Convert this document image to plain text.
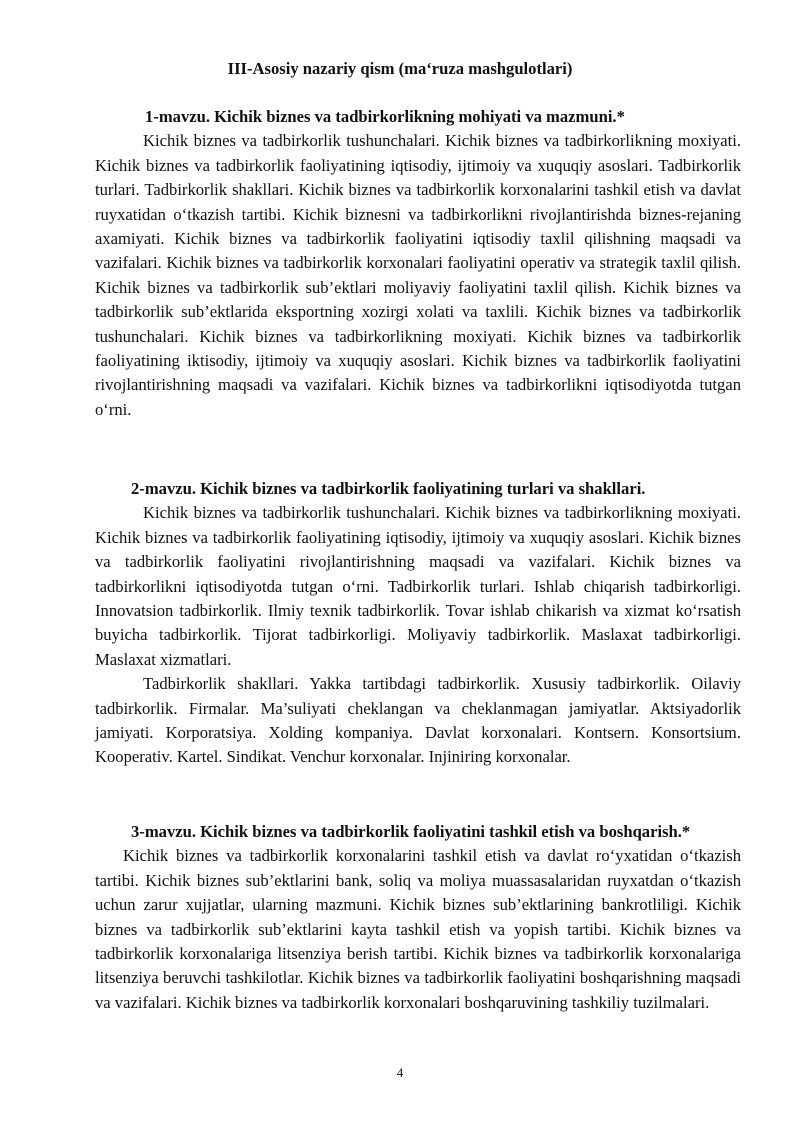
III-Asosiy nazariy qism (ma‘ruza mashgulotlari)

1-mavzu. Kichik biznes va tadbirkorlikning mohiyati va mazmuni.*

Kichik biznes va tadbirkorlik tushunchalari. Kichik biznes va tadbirkorlikning moxiyati. Kichik biznes va tadbirkorlik faoliyatining iqtisodiy, ijtimoiy va xuquqiy asoslari. Tadbirkorlik turlari. Tadbirkorlik shakllari. Kichik biznes va tadbirkorlik korxonalarini tashkil etish va davlat ruyxatidan o‘tkazish tartibi. Kichik biznesni va tadbirkorlikni rivojlantirishda biznes-rejaning axamiyati. Kichik biznes va tadbirkorlik faoliyatini iqtisodiy taxlil qilishning maqsadi va vazifalari. Kichik biznes va tadbirkorlik korxonalari faoliyatini operativ va strategik taxlil qilish. Kichik biznes va tadbirkorlik sub’ektlari moliyaviy faoliyatini taxlil qilish. Kichik biznes va tadbirkorlik sub’ektlarida eksportning xozirgi xolati va taxlili. Kichik biznes va tadbirkorlik tushunchalari. Kichik biznes va tadbirkorlikning moxiyati. Kichik biznes va tadbirkorlik faoliyatining iktisodiy, ijtimoiy va xuquqiy asoslari. Kichik biznes va tadbirkorlik faoliyatini rivojlantirishning maqsadi va vazifalari. Kichik biznes va tadbirkorlikni iqtisodiyotda tutgan o‘rni.

2-mavzu. Kichik biznes va tadbirkorlik faoliyatining turlari va shakllari.

Kichik biznes va tadbirkorlik tushunchalari. Kichik biznes va tadbirkorlikning moxiyati. Kichik biznes va tadbirkorlik faoliyatining iqtisodiy, ijtimoiy va xuquqiy asoslari. Kichik biznes va tadbirkorlik faoliyatini rivojlantirishning maqsadi va vazifalari. Kichik biznes va tadbirkorlikni iqtisodiyotda tutgan o‘rni. Tadbirkorlik turlari. Ishlab chiqarish tadbirkorligi. Innovatsion tadbirkorlik. Ilmiy texnik tadbirkorlik. Tovar ishlab chikarish va xizmat ko‘rsatish buyicha tadbirkorlik. Tijorat tadbirkorligi. Moliyaviy tadbirkorlik. Maslaxat tadbirkorligi. Maslaxat xizmatlari.

Tadbirkorlik shakllari. Yakka tartibdagi tadbirkorlik. Xususiy tadbirkorlik. Oilaviy tadbirkorlik. Firmalar. Ma’suliyati cheklangan va cheklanmagan jamiyatlar. Aktsiyadorlik jamiyati. Korporatsiya. Xolding kompaniya. Davlat korxonalari. Kontsern. Konsortsium. Kooperativ. Kartel. Sindikat. Venchur korxonalar. Injiniring korxonalar.

3-mavzu. Kichik biznes va tadbirkorlik faoliyatini tashkil etish va boshqarish.*

Kichik biznes va tadbirkorlik korxonalarini tashkil etish va davlat ro‘yxatidan o‘tkazish tartibi. Kichik biznes sub’ektlarini bank, soliq va moliya muassasalaridan ruyxatdan o‘tkazish uchun zarur xujjatlar, ularning mazmuni. Kichik biznes sub’ektlarining bankrotliligi. Kichik biznes va tadbirkorlik sub’ektlarini kayta tashkil etish va yopish tartibi. Kichik biznes va tadbirkorlik korxonalariga litsenziya berish tartibi. Kichik biznes va tadbirkorlik korxonalariga litsenziya beruvchi tashkilotlar. Kichik biznes va tadbirkorlik faoliyatini boshqarishning maqsadi va vazifalari. Kichik biznes va tadbirkorlik korxonalari boshqaruvining tashkiliy tuzilmalari.

4
